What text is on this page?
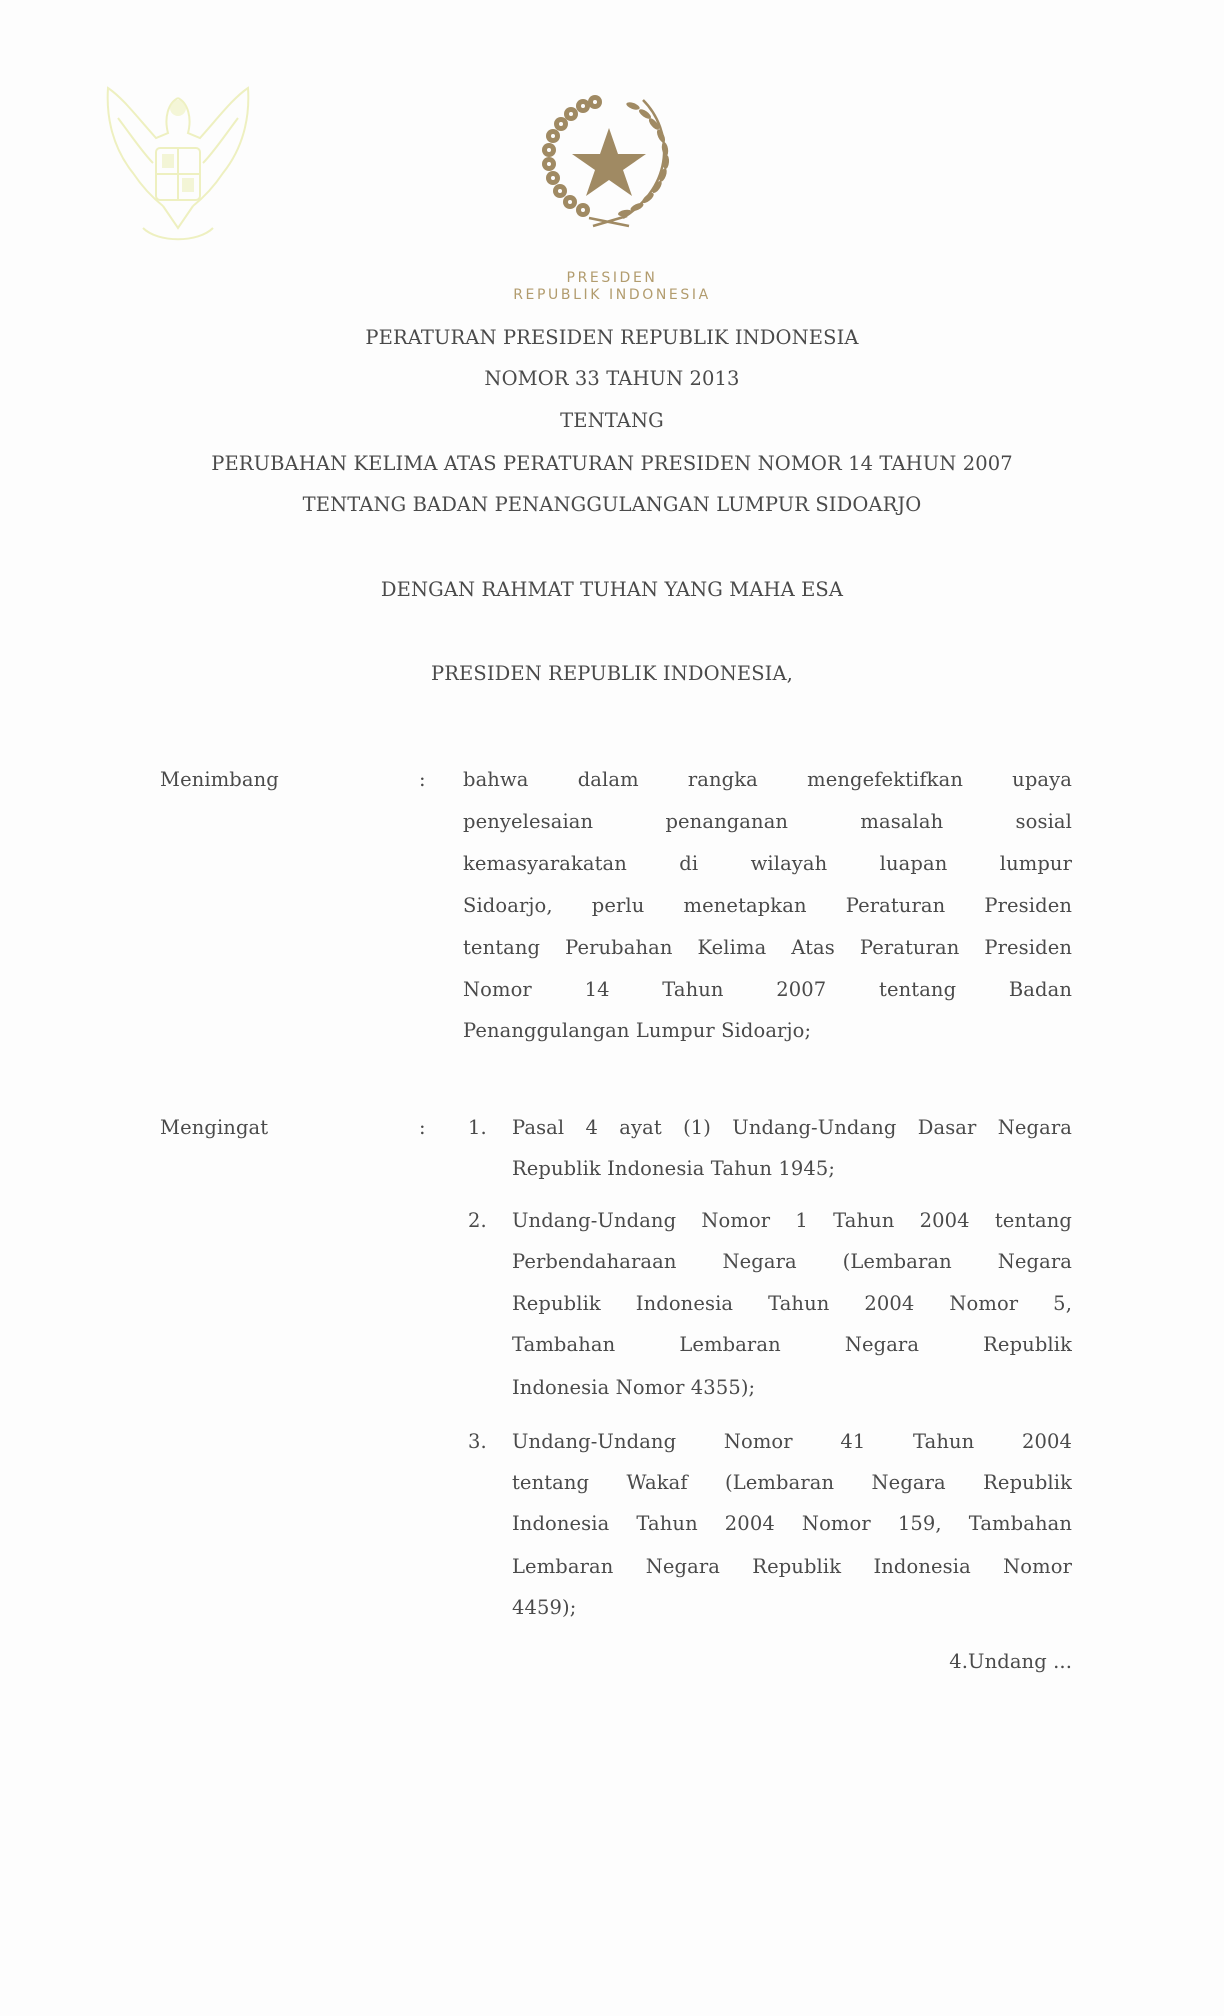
PRESIDEN
REPUBLIK INDONESIA
PERATURAN PRESIDEN REPUBLIK INDONESIA
NOMOR 33 TAHUN 2013
TENTANG
PERUBAHAN KELIMA ATAS PERATURAN PRESIDEN NOMOR 14 TAHUN 2007
TENTANG BADAN PENANGGULANGAN LUMPUR SIDOARJO
DENGAN RAHMAT TUHAN YANG MAHA ESA
PRESIDEN REPUBLIK INDONESIA,
Menimbang	: bahwa dalam rangka mengefektifkan upaya
penyelesaian penanganan masalah sosial
kemasyarakatan di wilayah luapan lumpur
Sidoarjo, perlu menetapkan Peraturan Presiden
tentang Perubahan Kelima Atas Peraturan Presiden
Nomor 14 Tahun 2007 tentang Badan
Penanggulangan Lumpur Sidoarjo;
Mengingat	: 1. Pasal 4 ayat (1) Undang-Undang Dasar Negara
Republik Indonesia Tahun 1945;
2. Undang-Undang Nomor 1 Tahun 2004 tentang
Perbendaharaan Negara (Lembaran Negara
Republik Indonesia Tahun 2004 Nomor 5,
Tambahan Lembaran Negara Republik
Indonesia Nomor 4355);
3. Undang-Undang Nomor 41 Tahun 2004
tentang Wakaf (Lembaran Negara Republik
Indonesia Tahun 2004 Nomor 159, Tambahan
Lembaran Negara Republik Indonesia Nomor
4459);
4.Undang ...
